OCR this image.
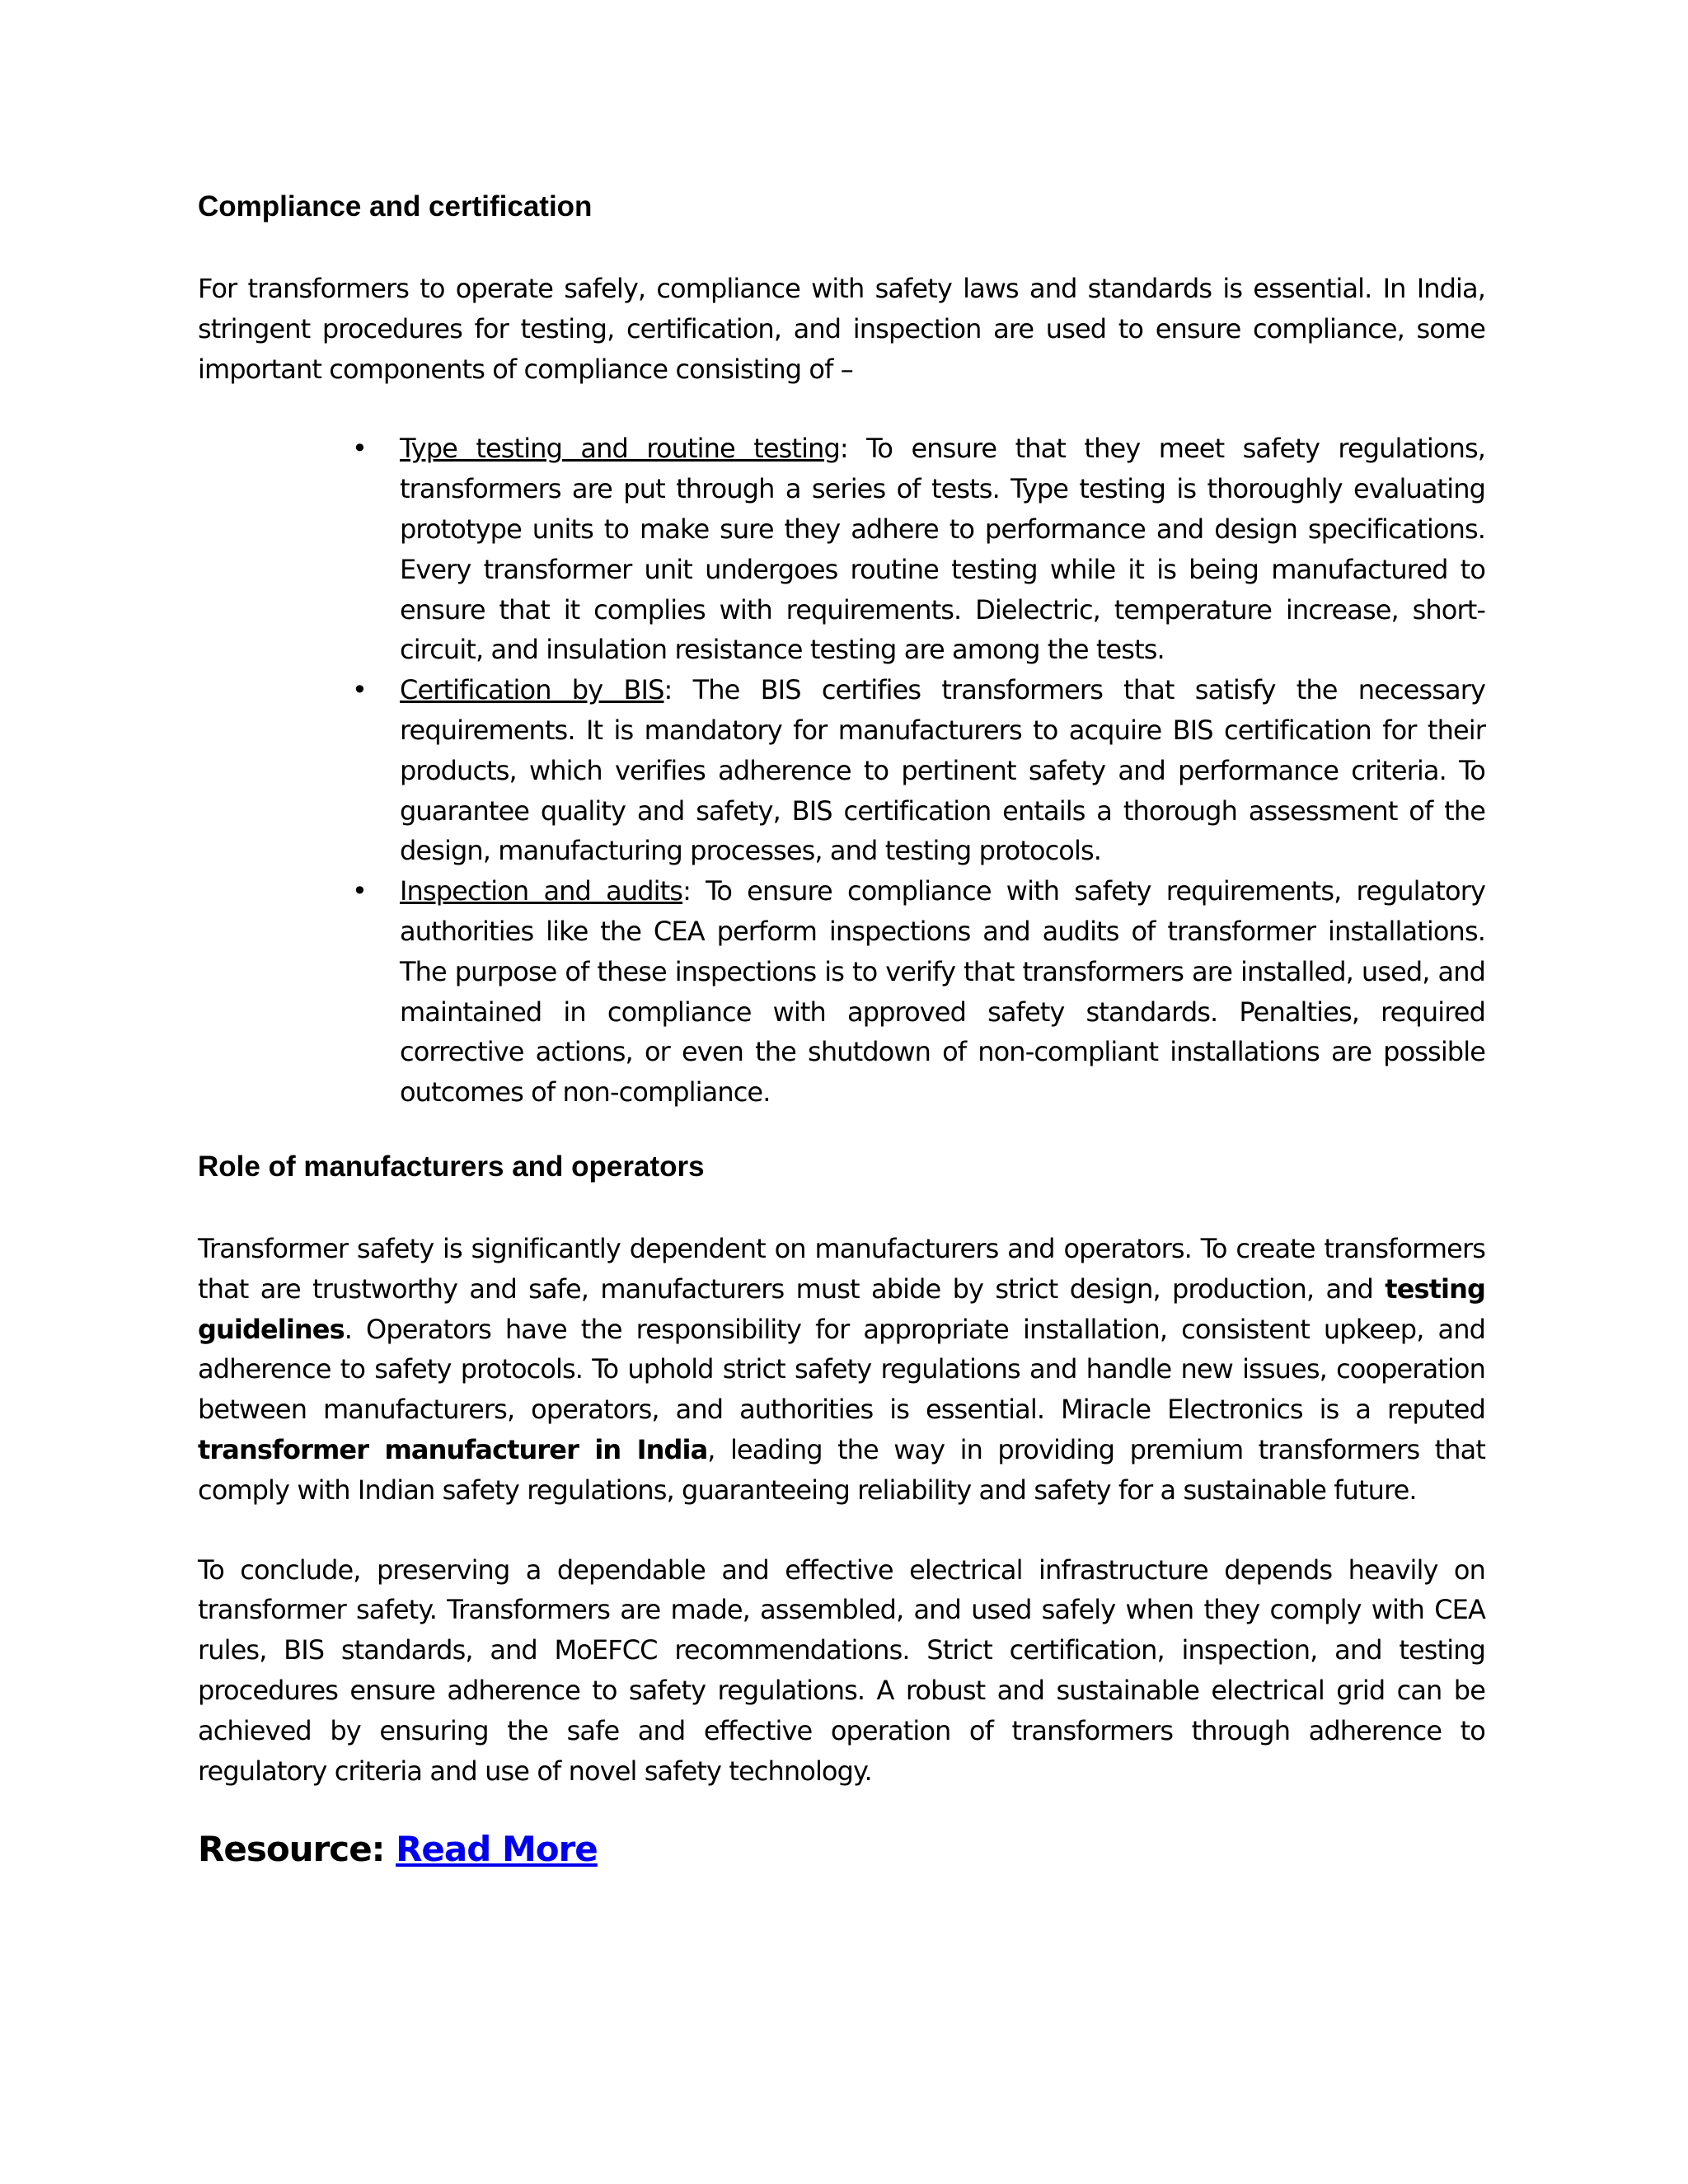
Compliance and certification

For transformers to operate safely, compliance with safety laws and standards is essential. In India, stringent procedures for testing, certification, and inspection are used to ensure compliance, some important components of compliance consisting of –

• Type testing and routine testing: To ensure that they meet safety regulations, transformers are put through a series of tests. Type testing is thoroughly evaluating prototype units to make sure they adhere to performance and design specifications. Every transformer unit undergoes routine testing while it is being manufactured to ensure that it complies with requirements. Dielectric, temperature increase, short-circuit, and insulation resistance testing are among the tests.
• Certification by BIS: The BIS certifies transformers that satisfy the necessary requirements. It is mandatory for manufacturers to acquire BIS certification for their products, which verifies adherence to pertinent safety and performance criteria. To guarantee quality and safety, BIS certification entails a thorough assessment of the design, manufacturing processes, and testing protocols.
• Inspection and audits: To ensure compliance with safety requirements, regulatory authorities like the CEA perform inspections and audits of transformer installations. The purpose of these inspections is to verify that transformers are installed, used, and maintained in compliance with approved safety standards. Penalties, required corrective actions, or even the shutdown of non-compliant installations are possible outcomes of non-compliance.
Role of manufacturers and operators

Transformer safety is significantly dependent on manufacturers and operators. To create transformers that are trustworthy and safe, manufacturers must abide by strict design, production, and testing guidelines. Operators have the responsibility for appropriate installation, consistent upkeep, and adherence to safety protocols. To uphold strict safety regulations and handle new issues, cooperation between manufacturers, operators, and authorities is essential. Miracle Electronics is a reputed transformer manufacturer in India, leading the way in providing premium transformers that comply with Indian safety regulations, guaranteeing reliability and safety for a sustainable future.

To conclude, preserving a dependable and effective electrical infrastructure depends heavily on transformer safety. Transformers are made, assembled, and used safely when they comply with CEA rules, BIS standards, and MoEFCC recommendations. Strict certification, inspection, and testing procedures ensure adherence to safety regulations. A robust and sustainable electrical grid can be achieved by ensuring the safe and effective operation of transformers through adherence to regulatory criteria and use of novel safety technology.

Resource: Read More
